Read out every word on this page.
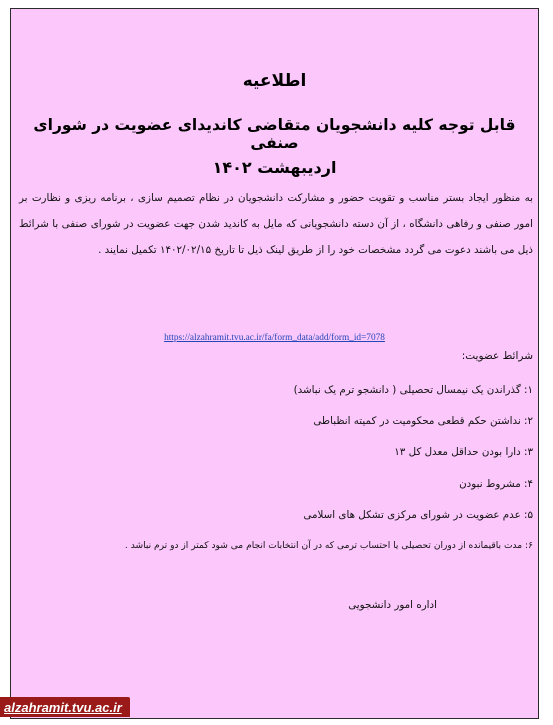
اطلاعیه
قابل توجه کلیه دانشجویان متقاضی کاندیدای عضویت در شورای صنفی
اردیبهشت ۱۴۰۲
به منظور ایجاد بستر مناسب و تقویت حضور و مشارکت دانشجویان در نظام تصمیم سازی ، برنامه ریزی و نظارت بر امور صنفی و رفاهی دانشگاه ، از آن دسته دانشجویانی که مایل به کاندید شدن جهت عضویت در شورای صنفی با شرائط ذیل می باشند دعوت می گردد مشخصات خود را از طریق لینک ذیل تا تاریخ ۱۴۰۲/۰۲/۱۵ تکمیل نمایند .
https://alzahramit.tvu.ac.ir/fa/form_data/add/form_id=7078
شرائط عضویت:
۱: گذراندن یک نیمسال تحصیلی ( دانشجو ترم یک نباشد)
۲: نداشتن حکم قطعی محکومیت در کمیته انظباطی
۳: دارا بودن حداقل معدل کل ۱۳
۴: مشروط نبودن
۵: عدم عضویت در شورای مرکزی تشکل های اسلامی
۶: مدت باقیمانده از دوران تحصیلی یا احتساب ترمی که در آن انتخابات انجام می شود کمتر از دو ترم نباشد .
اداره امور دانشجویی
alzahramit.tvu.ac.ir
